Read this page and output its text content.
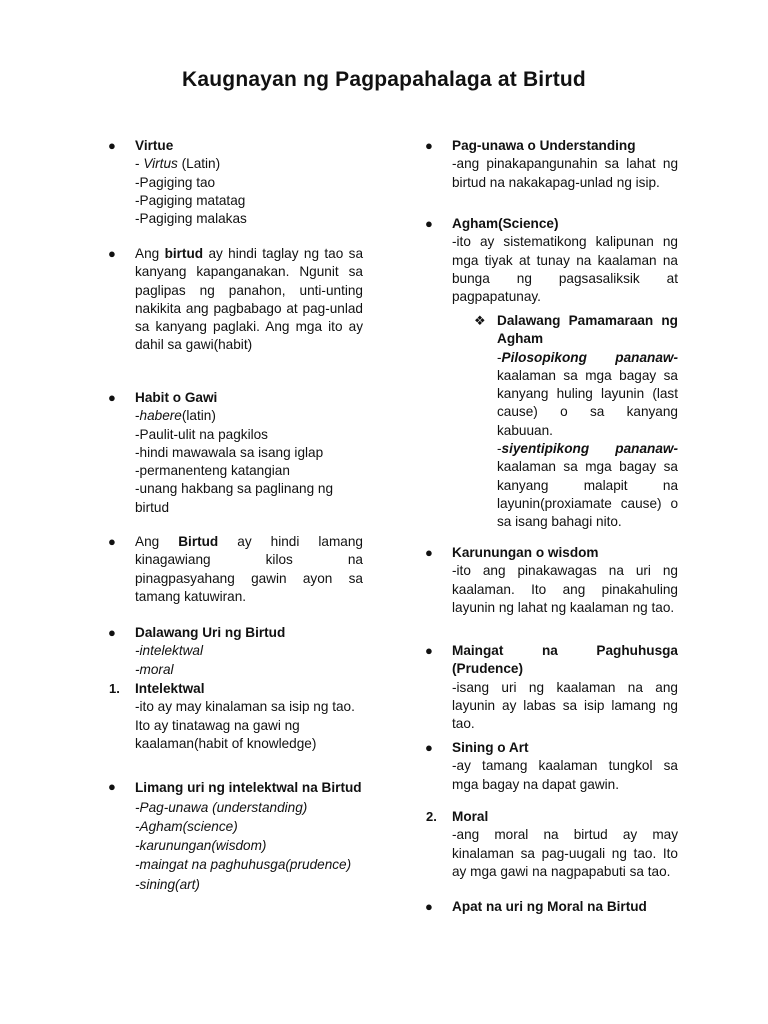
Kaugnayan ng Pagpapahalaga at Birtud
●	Virtue
- Virtus (Latin)
-Pagiging tao
-Pagiging matatag
-Pagiging malakas
●	Ang birtud ay hindi taglay ng tao sa kanyang kapanganakan. Ngunit sa paglipas ng panahon, unti-unting nakikita ang pagbabago at pag-unlad sa kanyang paglaki. Ang mga ito ay dahil sa gawi(habit)
●	Habit o Gawi
-habere(latin)
-Paulit-ulit na pagkilos
-hindi mawawala sa isang iglap
-permanenteng katangian
-unang hakbang sa paglinang ng birtud
●	Ang Birtud ay hindi lamang kinagawiang kilos na pinagpasyahang gawin ayon sa tamang katuwiran.
●	Dalawang Uri ng Birtud
-intelektwal
-moral
1.	Intelektwal
-ito ay may kinalaman sa isip ng tao. Ito ay tinatawag na gawi ng kaalaman(habit of knowledge)
●	Limang uri ng intelektwal na Birtud
-Pag-unawa (understanding)
-Agham(science)
-karunungan(wisdom)
-maingat na paghuhusga(prudence)
-sining(art)
●	Pag-unawa o Understanding
-ang pinakapangunahin sa lahat ng birtud na nakakapag-unlad ng isip.
●	Agham(Science)
-ito ay sistematikong kalipunan ng mga tiyak at tunay na kaalaman na bunga ng pagsasaliksik at pagpapatunay.
❖ Dalawang Pamamaraan ng Agham
-Pilosopikong pananaw-kaalaman sa mga bagay sa kanyang huling layunin (last cause) o sa kanyang kabuuan.
-siyentipikong pananaw-kaalaman sa mga bagay sa kanyang malapit na layunin(proxiamate cause) o sa isang bahagi nito.
●	Karunungan o wisdom
-ito ang pinakawagas na uri ng kaalaman. Ito ang pinakahuling layunin ng lahat ng kaalaman ng tao.
●	Maingat na Paghuhusga (Prudence)
-isang uri ng kaalaman na ang layunin ay labas sa isip lamang ng tao.
●	Sining o Art
-ay tamang kaalaman tungkol sa mga bagay na dapat gawin.
2.	Moral
-ang moral na birtud ay may kinalaman sa pag-uugali ng tao. Ito ay mga gawi na nagpapabuti sa tao.
●	Apat na uri ng Moral na Birtud
